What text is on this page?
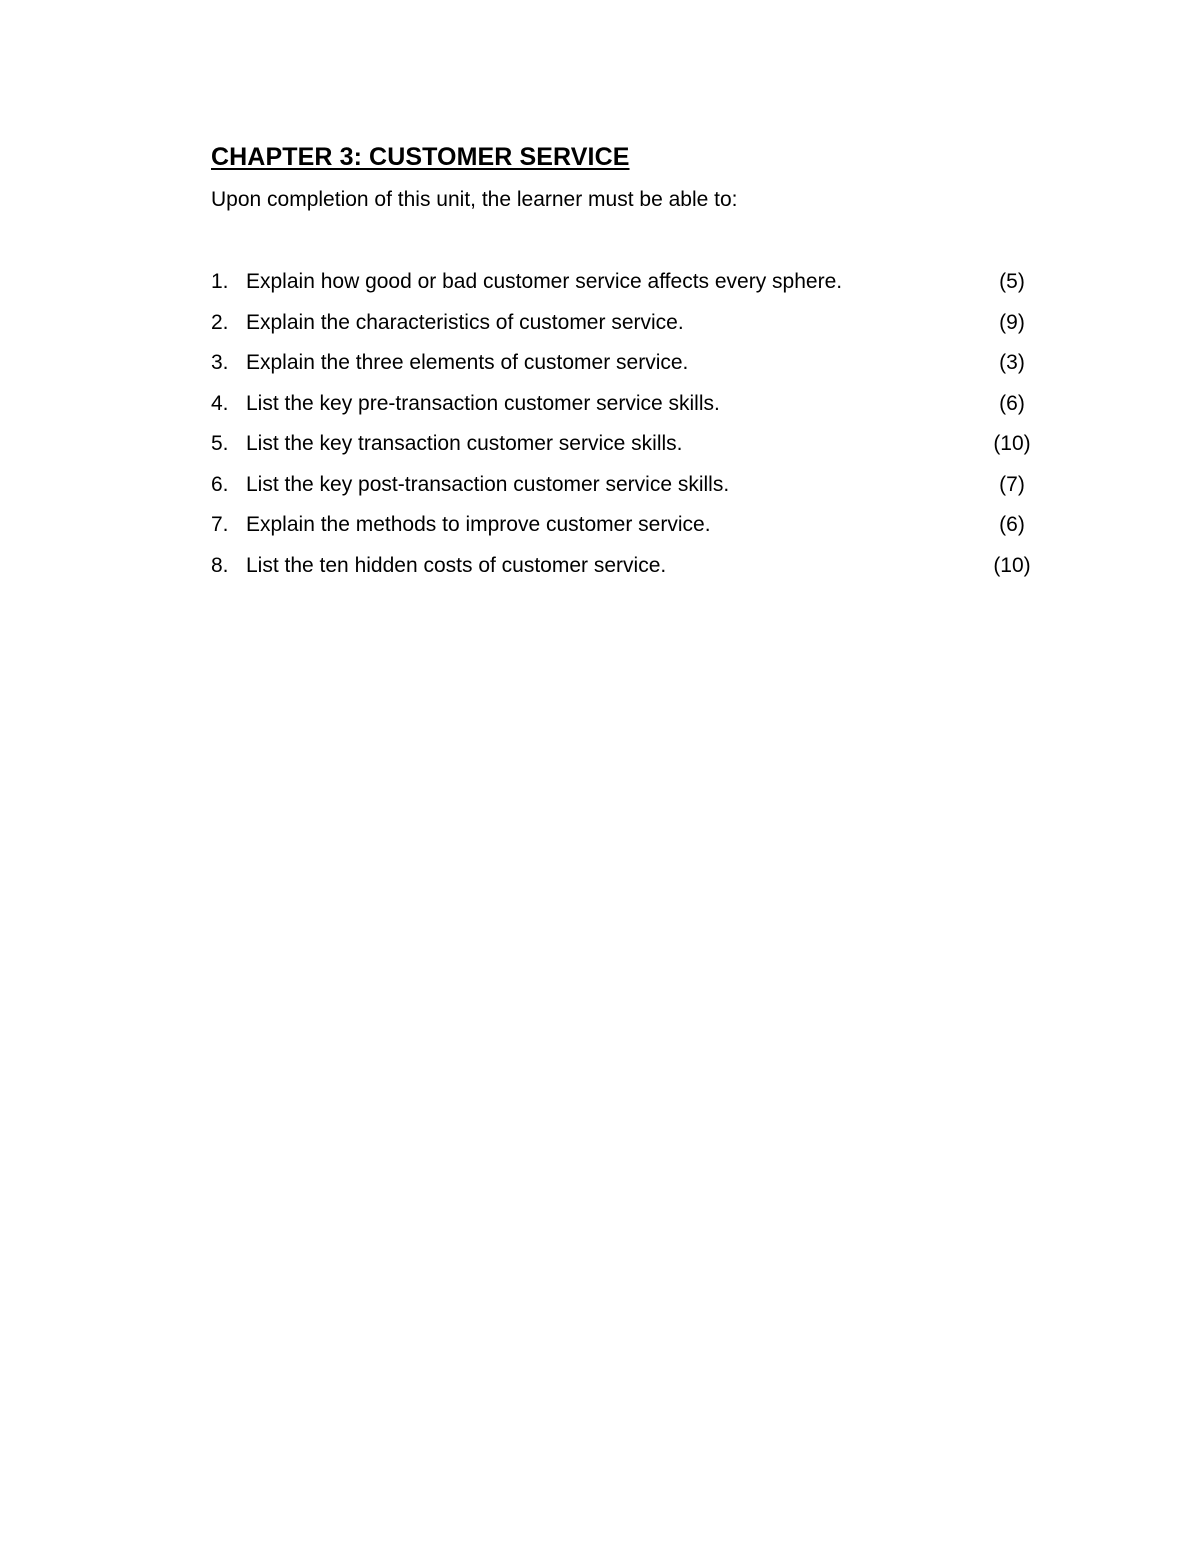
CHAPTER 3: CUSTOMER SERVICE
Upon completion of this unit, the learner must be able to:
1. Explain how good or bad customer service affects every sphere.	(5)
2. Explain the characteristics of customer service.	(9)
3. Explain the three elements of customer service.	(3)
4. List the key pre-transaction customer service skills.	(6)
5. List the key transaction customer service skills.	(10)
6. List the key post-transaction customer service skills.	(7)
7. Explain the methods to improve customer service.	(6)
8. List the ten hidden costs of customer service.	(10)
